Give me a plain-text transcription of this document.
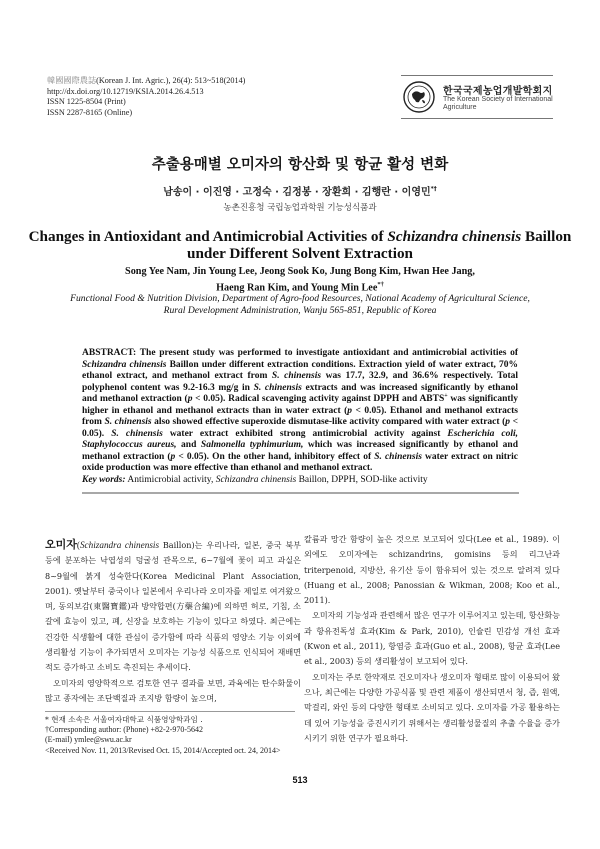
韓國國際農誌(Korean J. Int. Agric.), 26(4): 513~518(2014)
http://dx.doi.org/10.12719/KSIA.2014.26.4.513
ISSN 1225-8504 (Print)
ISSN 2287-8165 (Online)
한국국제농업개발학회지
The Korean Society of International Agriculture
추출용매별 오미자의 항산화 및 항균 활성 변화
남송이 · 이진영 · 고정숙 · 김정봉 · 장환희 · 김행란 · 이영민*†
농촌진흥청 국립농업과학원 기능성식품과
Changes in Antioxidant and Antimicrobial Activities of Schizandra chinensis Baillon
under Different Solvent Extraction
Song Yee Nam, Jin Young Lee, Jeong Sook Ko, Jung Bong Kim, Hwan Hee Jang,
Haeng Ran Kim, and Young Min Lee*†
Functional Food & Nutrition Division, Department of Agro-food Resources, National Academy of Agricultural Science,
Rural Development Administration, Wanju 565-851, Republic of Korea
ABSTRACT: The present study was performed to investigate antioxidant and antimicrobial activities of Schizandra chinensis Baillon under different extraction conditions. Extraction yield of water extract, 70% ethanol extract, and methanol extract from S. chinensis was 17.7, 32.9, and 36.6% respectively. Total polyphenol content was 9.2-16.3 mg/g in S. chinensis extracts and was increased significantly by ethanol and methanol extraction (p < 0.05). Radical scavenging activity against DPPH and ABTS+ was significantly higher in ethanol and methanol extracts than in water extract (p < 0.05). Ethanol and methanol extracts from S. chinensis also showed effective superoxide dismutase-like activity compared with water extract (p < 0.05). S. chinensis water extract exhibited strong antimicrobial activity against Escherichia coli, Staphylococcus aureus, and Salmonella typhimurium, which was increased significantly by ethanol and methanol extraction (p < 0.05). On the other hand, inhibitory effect of S. chinensis water extract on nitric oxide production was more effective than ethanol and methanol extract.
Key words: Antimicrobial activity, Schizandra chinensis Baillon, DPPH, SOD-like activity

오미자(Schizandra chinensis Baillon)는 우리나라, 일본, 중국 북부 등에 분포하는 낙엽성의 덩굴성 관목으로, 6~7월에 꽃이 피고 과실은 8~9월에 붉게 성숙한다(Korea Medicinal Plant Association, 2001). 옛날부터 중국이나 일본에서 우리나라 오미자를 제일로 여겨왔으며, 동의보감(東醫寶鑑)과 방약합편(方藥合編)에 의하면 허로, 기침, 소갈에 효능이 있고, 폐, 신장을 보호하는 기능이 있다고 하였다. 최근에는 건강한 식생활에 대한 관심이 증가함에 따라 식품의 영양소 기능 이외에 생리활성 기능이 추가되면서 오미자는 기능성 식품으로 인식되어 재배면적도 증가하고 소비도 촉진되는 추세이다.

오미자의 영양학적으로 검토한 연구 결과를 보면, 과육에는 탄수화물이 많고 종자에는 조단백질과 조지방 함량이 높으며,

칼륨과 망간 함량이 높은 것으로 보고되어 있다(Lee et al., 1989). 이 외에도 오미자에는 schizandrins, gomisins 등의 리그난과 triterpenoid, 지방산, 유기산 등이 함유되어 있는 것으로 알려져 있다(Huang et al., 2008; Panossian & Wikman, 2008; Koo et al., 2011).

오미자의 기능성과 관련해서 많은 연구가 이루어지고 있는데, 항산화능과 항유전독성 효과(Kim & Park, 2010), 인슐린 민감성 개선 효과(Kwon et al., 2011), 항염증 효과(Guo et al., 2008), 항균 효과(Lee et al., 2003) 등의 생리활성이 보고되어 있다.

오미자는 주로 한약재로 건오미자나 생오미자 형태로 많이 이용되어 왔으나, 최근에는 다양한 가공식품 및 관련 제품이 생산되면서 청, 즙, 원액, 막걸리, 와인 등의 다양한 형태로 소비되고 있다. 오미자를 가공 활용하는데 있어 기능성을 증진시키기 위해서는 생리활성물질의 추출 수율을 증가시키기 위한 연구가 필요하다.

* 현재 소속은 서울여자대학교 식품영양학과임 .
†Corresponding author: (Phone) +82-2-970-5642
(E-mail) ymlee@swu.ac.kr
<Received Nov. 11, 2013/Revised Oct. 15, 2014/Accepted oct. 24, 2014>
513
